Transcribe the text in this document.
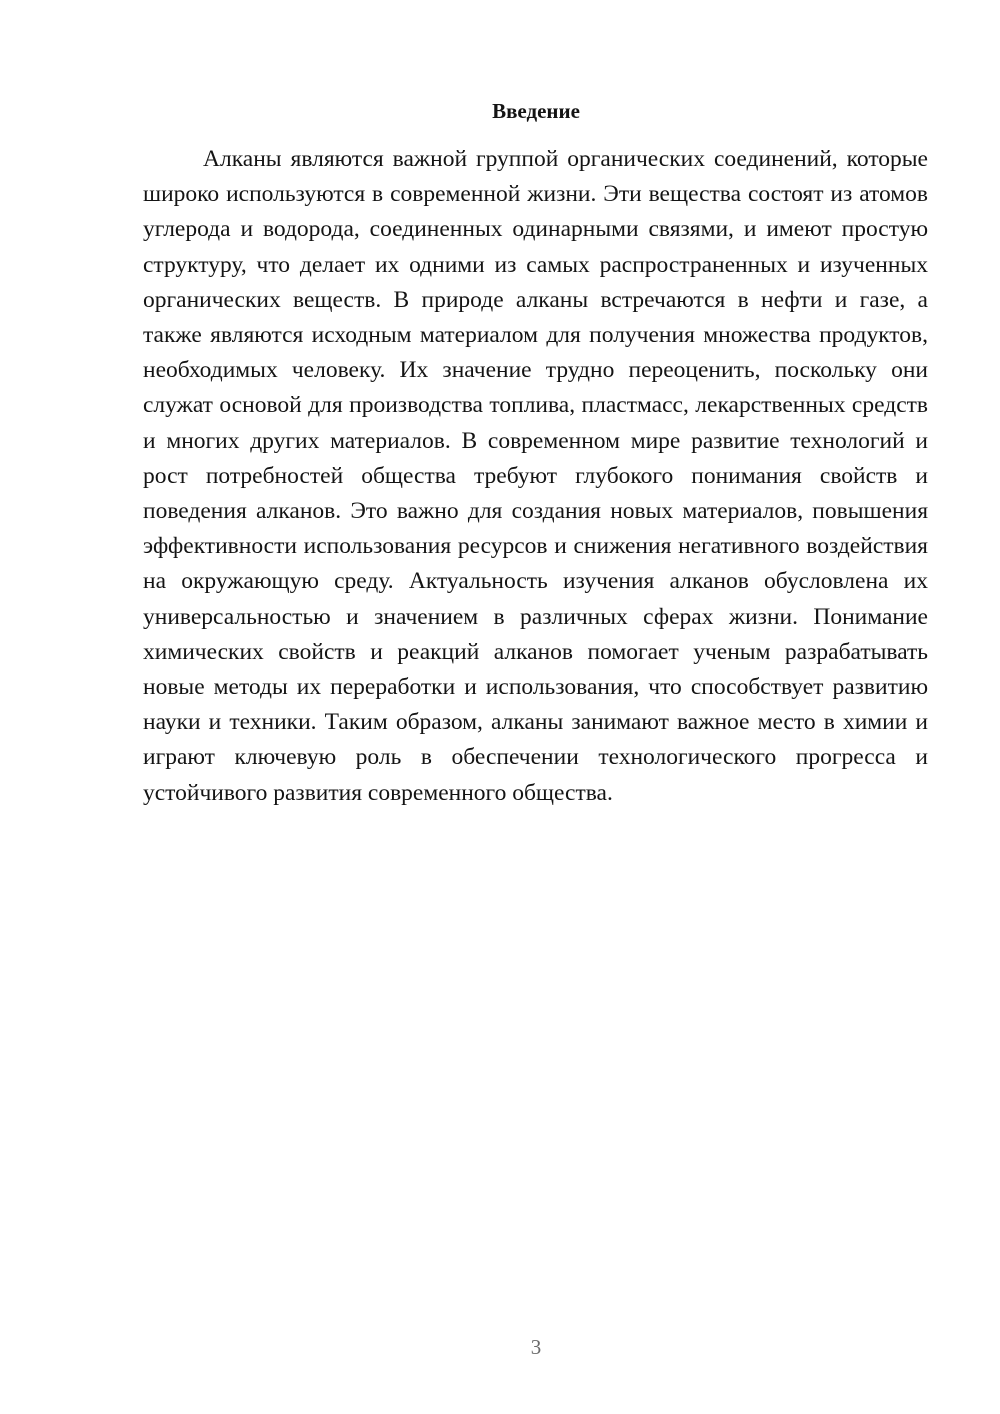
Введение

Алканы являются важной группой органических соединений, которые широко используются в современной жизни. Эти вещества состоят из атомов углерода и водорода, соединенных одинарными связями, и имеют простую структуру, что делает их одними из самых распространенных и изученных органических веществ. В природе алканы встречаются в нефти и газе, а также являются исходным материалом для получения множества продуктов, необходимых человеку. Их значение трудно переоценить, поскольку они служат основой для производства топлива, пластмасс, лекарственных средств и многих других материалов. В современном мире развитие технологий и рост потребностей общества требуют глубокого понимания свойств и поведения алканов. Это важно для создания новых материалов, повышения эффективности использования ресурсов и снижения негативного воздействия на окружающую среду. Актуальность изучения алканов обусловлена их универсальностью и значением в различных сферах жизни. Понимание химических свойств и реакций алканов помогает ученым разрабатывать новые методы их переработки и использования, что способствует развитию науки и техники. Таким образом, алканы занимают важное место в химии и играют ключевую роль в обеспечении технологического прогресса и устойчивого развития современного общества.

3
